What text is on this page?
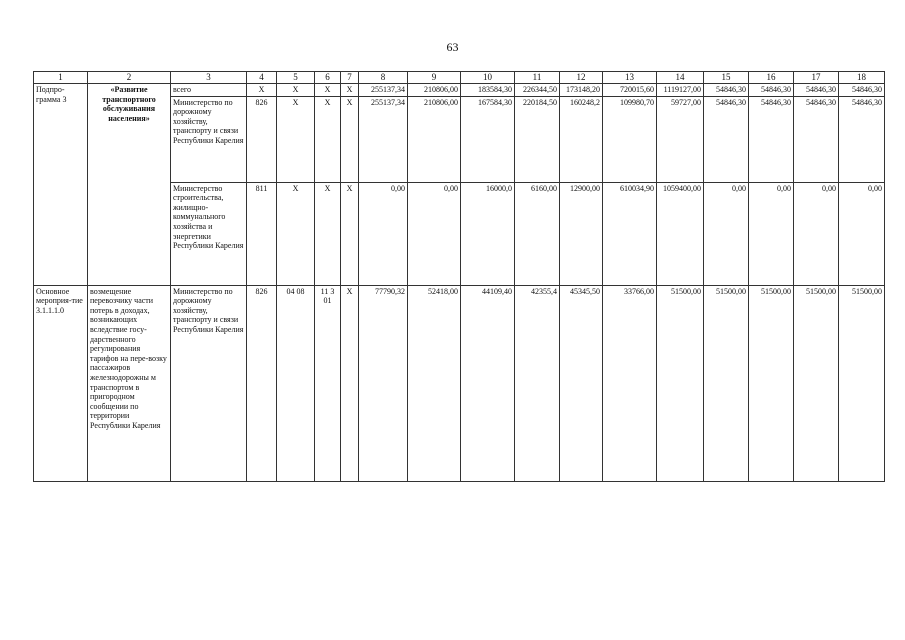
63
1	2	3	4	5	6	7	8	9	10	11	12	13	14	15	16	17	18
Подпро-грамма 3	«Развитие транспортного обслуживания населения»	всего	X	X	X	X	255137,34	210806,00	183584,30	226344,50	173148,20	720015,60	1119127,00	54846,30	54846,30	54846,30	54846,30
		Министерство по дорожному хозяйству, транспорту и связи Республики Карелия	826	X	X	X	255137,34	210806,00	167584,30	220184,50	160248,2	109980,70	59727,00	54846,30	54846,30	54846,30	54846,30
		Министерство строительства, жилищно-коммунального хозяйства и энергетики Республики Карелия	811	X	X	X	0,00	0,00	16000,0	6160,00	12900,00	610034,90	1059400,00	0,00	0,00	0,00	0,00
Основное мероприя-тие 3.1.1.1.0	возмещение перевозчику части потерь в доходах, возникающих вследствие госу-дарственного регулирования тарифов на пере-возку пассажиров железнодорожны м транспортом в пригородном сообщении по территории Республики Карелия	Министерство по дорожному хозяйству, транспорту и связи Республики Карелия	826	04 08	11 3 01	X	77790,32	52418,00	44109,40	42355,4	45345,50	33766,00	51500,00	51500,00	51500,00	51500,00	51500,00
